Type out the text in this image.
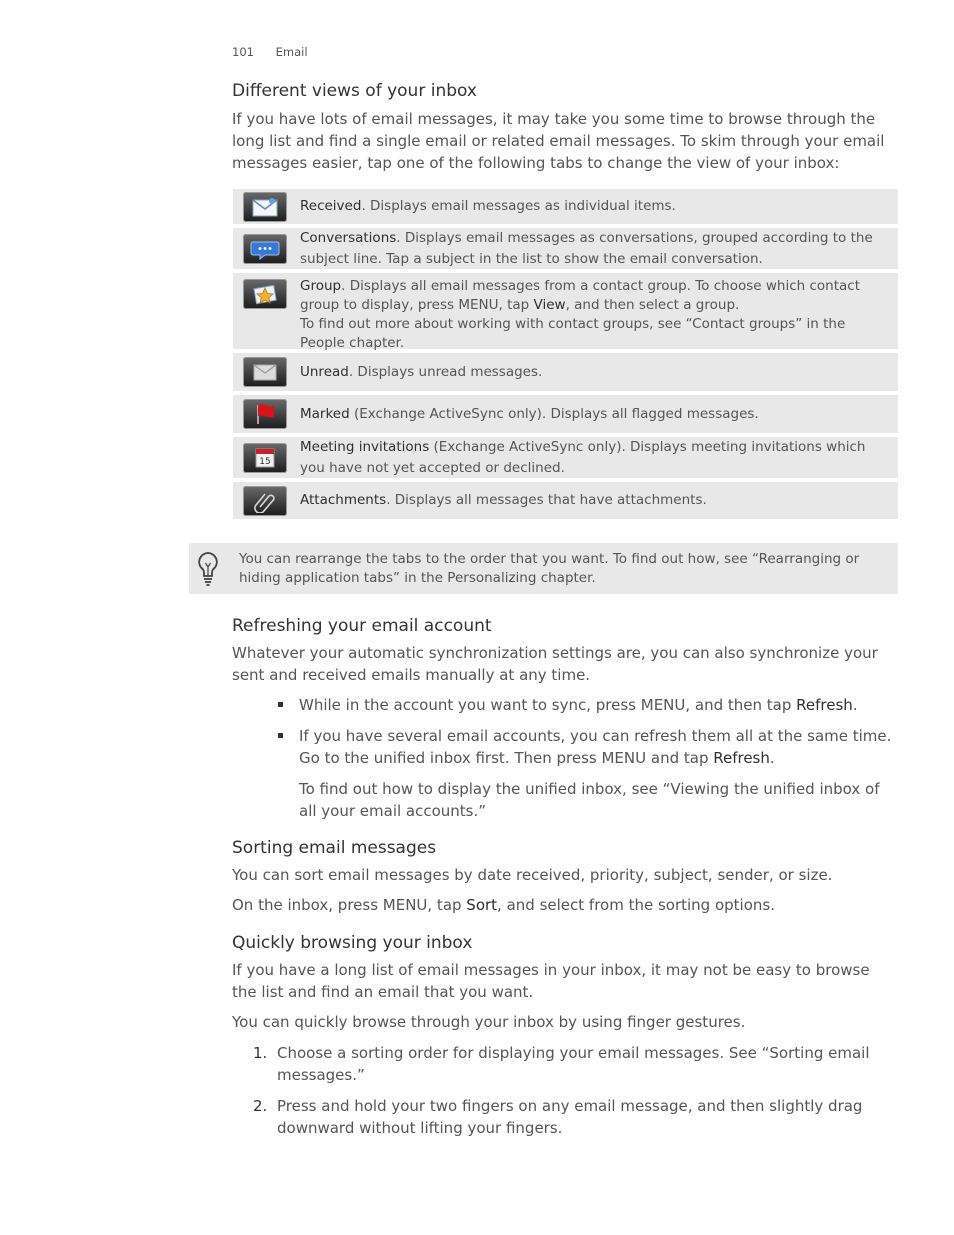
101 Email
Different views of your inbox

If you have lots of email messages, it may take you some time to browse through the long list and find a single email or related email messages. To skim through your email messages easier, tap one of the following tabs to change the view of your inbox:

Received. Displays email messages as individual items.
Conversations. Displays email messages as conversations, grouped according to the subject line. Tap a subject in the list to show the email conversation.
Group. Displays all email messages from a contact group. To choose which contact group to display, press MENU, tap View, and then select a group.
To find out more about working with contact groups, see “Contact groups” in the People chapter.
Unread. Displays unread messages.
Marked (Exchange ActiveSync only). Displays all flagged messages.
15
Meeting invitations (Exchange ActiveSync only). Displays meeting invitations which you have not yet accepted or declined.
Attachments. Displays all messages that have attachments.

You can rearrange the tabs to the order that you want. To find out how, see “Rearranging or hiding application tabs” in the Personalizing chapter.

Refreshing your email account

Whatever your automatic synchronization settings are, you can also synchronize your sent and received emails manually at any time.

While in the account you want to sync, press MENU, and then tap Refresh.
If you have several email accounts, you can refresh them all at the same time. Go to the unified inbox first. Then press MENU and tap Refresh.

To find out how to display the unified inbox, see “Viewing the unified inbox of all your email accounts.”

Sorting email messages

You can sort email messages by date received, priority, subject, sender, or size.

On the inbox, press MENU, tap Sort, and select from the sorting options.

Quickly browsing your inbox

If you have a long list of email messages in your inbox, it may not be easy to browse the list and find an email that you want.

You can quickly browse through your inbox by using finger gestures.

1. Choose a sorting order for displaying your email messages. See “Sorting email messages.”
2. Press and hold your two fingers on any email message, and then slightly drag downward without lifting your fingers.
